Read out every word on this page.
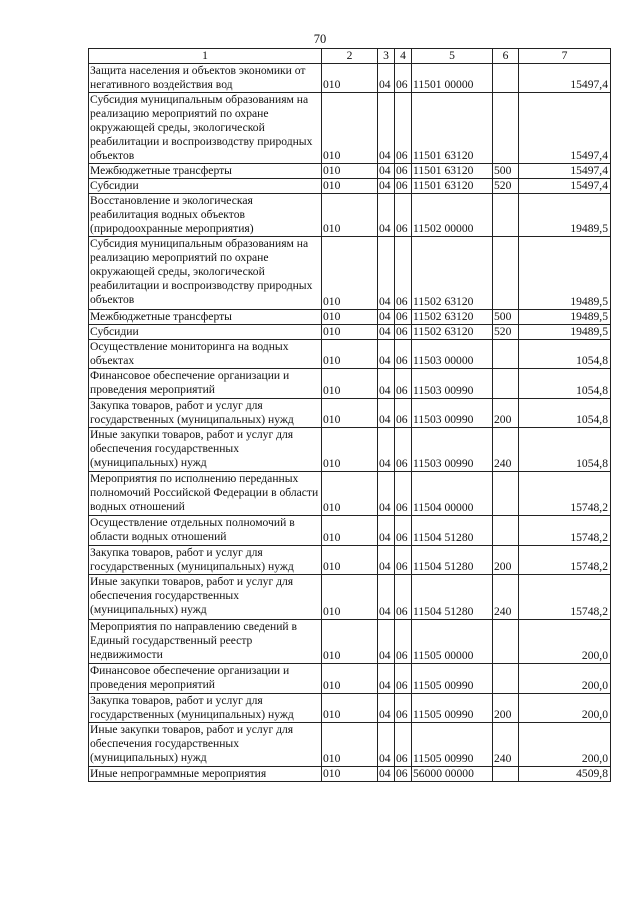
70
1	2	3	4	5	6	7
Защита населения и объектов экономики от негативного воздействия вод	010	04	06	11501 00000		15497,4
Субсидия муниципальным образованиям на реализацию мероприятий по охране окружающей среды, экологической реабилитации и воспроизводству природных объектов	010	04	06	11501 63120		15497,4
Межбюджетные трансферты	010	04	06	11501 63120	500	15497,4
Субсидии	010	04	06	11501 63120	520	15497,4
Восстановление и экологическая реабилитация водных объектов (природоохранные мероприятия)	010	04	06	11502 00000		19489,5
Субсидия муниципальным образованиям на реализацию мероприятий по охране окружающей среды, экологической реабилитации и воспроизводству природных объектов	010	04	06	11502 63120		19489,5
Межбюджетные трансферты	010	04	06	11502 63120	500	19489,5
Субсидии	010	04	06	11502 63120	520	19489,5
Осуществление мониторинга на водных объектах	010	04	06	11503 00000		1054,8
Финансовое обеспечение организации и проведения мероприятий	010	04	06	11503 00990		1054,8
Закупка товаров, работ и услуг для государственных (муниципальных) нужд	010	04	06	11503 00990	200	1054,8
Иные закупки товаров, работ и услуг для обеспечения государственных (муниципальных) нужд	010	04	06	11503 00990	240	1054,8
Мероприятия по исполнению переданных полномочий Российской Федерации в области водных отношений	010	04	06	11504 00000		15748,2
Осуществление отдельных полномочий в области водных отношений	010	04	06	11504 51280		15748,2
Закупка товаров, работ и услуг для государственных (муниципальных) нужд	010	04	06	11504 51280	200	15748,2
Иные закупки товаров, работ и услуг для обеспечения государственных (муниципальных) нужд	010	04	06	11504 51280	240	15748,2
Мероприятия по направлению сведений в Единый государственный реестр недвижимости	010	04	06	11505 00000		200,0
Финансовое обеспечение организации и проведения мероприятий	010	04	06	11505 00990		200,0
Закупка товаров, работ и услуг для государственных (муниципальных) нужд	010	04	06	11505 00990	200	200,0
Иные закупки товаров, работ и услуг для обеспечения государственных (муниципальных) нужд	010	04	06	11505 00990	240	200,0
Иные непрограммные мероприятия	010	04	06	56000 00000		4509,8
